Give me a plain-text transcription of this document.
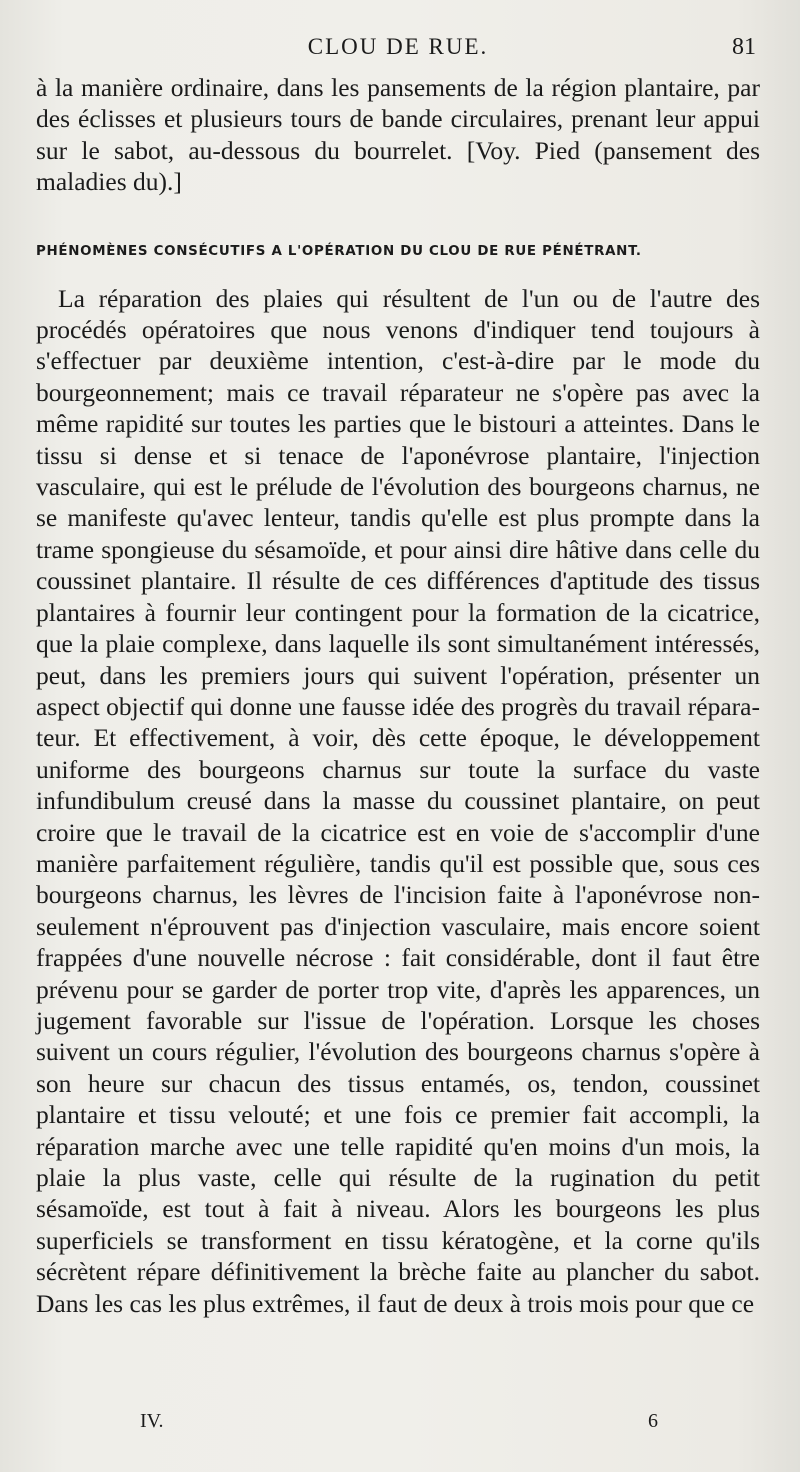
CLOU DE RUE.	81

à la manière ordinaire, dans les pansements de la région plantaire, par des éclisses et plusieurs tours de bande circulaires, prenant leur appui sur le sabot, au-dessous du bourrelet. [Voy. Pied (pansement des maladies du).]

PHÉNOMÈNES CONSÉCUTIFS A L'OPÉRATION DU CLOU DE RUE PÉNÉTRANT.

La réparation des plaies qui résultent de l'un ou de l'autre des procédés opératoires que nous venons d'indiquer tend toujours à s'effectuer par deuxième intention, c'est-à-dire par le mode du bourgeonnement; mais ce travail réparateur ne s'opère pas avec la même rapidité sur toutes les parties que le bistouri a atteintes. Dans le tissu si dense et si tenace de l'aponévrose plantaire, l'injection vasculaire, qui est le prélude de l'évolution des bourgeons charnus, ne se manifeste qu'avec lenteur, tandis qu'elle est plus prompte dans la trame spongieuse du sésamoïde, et pour ainsi dire hâtive dans celle du coussinet plantaire. Il résulte de ces différences d'aptitude des tissus plantaires à fournir leur contingent pour la formation de la cicatrice, que la plaie complexe, dans laquelle ils sont simultanément intéressés, peut, dans les premiers jours qui suivent l'opération, présenter un aspect objectif qui donne une fausse idée des progrès du travail réparateur. Et effectivement, à voir, dès cette époque, le développement uniforme des bourgeons charnus sur toute la surface du vaste infundibulum creusé dans la masse du coussinet plantaire, on peut croire que le travail de la cicatrice est en voie de s'accomplir d'une manière parfaitement régulière, tandis qu'il est possible que, sous ces bourgeons charnus, les lèvres de l'incision faite à l'aponévrose non-seulement n'éprouvent pas d'injection vasculaire, mais encore soient frappées d'une nouvelle nécrose : fait considérable, dont il faut être prévenu pour se garder de porter trop vite, d'après les apparences, un jugement favorable sur l'issue de l'opération. Lorsque les choses suivent un cours régulier, l'évolution des bourgeons charnus s'opère à son heure sur chacun des tissus entamés, os, tendon, coussinet plantaire et tissu velouté; et une fois ce premier fait accompli, la réparation marche avec une telle rapidité qu'en moins d'un mois, la plaie la plus vaste, celle qui résulte de la rugination du petit sésamoïde, est tout à fait à niveau. Alors les bourgeons les plus superficiels se transforment en tissu kératogène, et la corne qu'ils sécrètent répare définitivement la brèche faite au plancher du sabot. Dans les cas les plus extrêmes, il faut de deux à trois mois pour que ce

IV.	6
